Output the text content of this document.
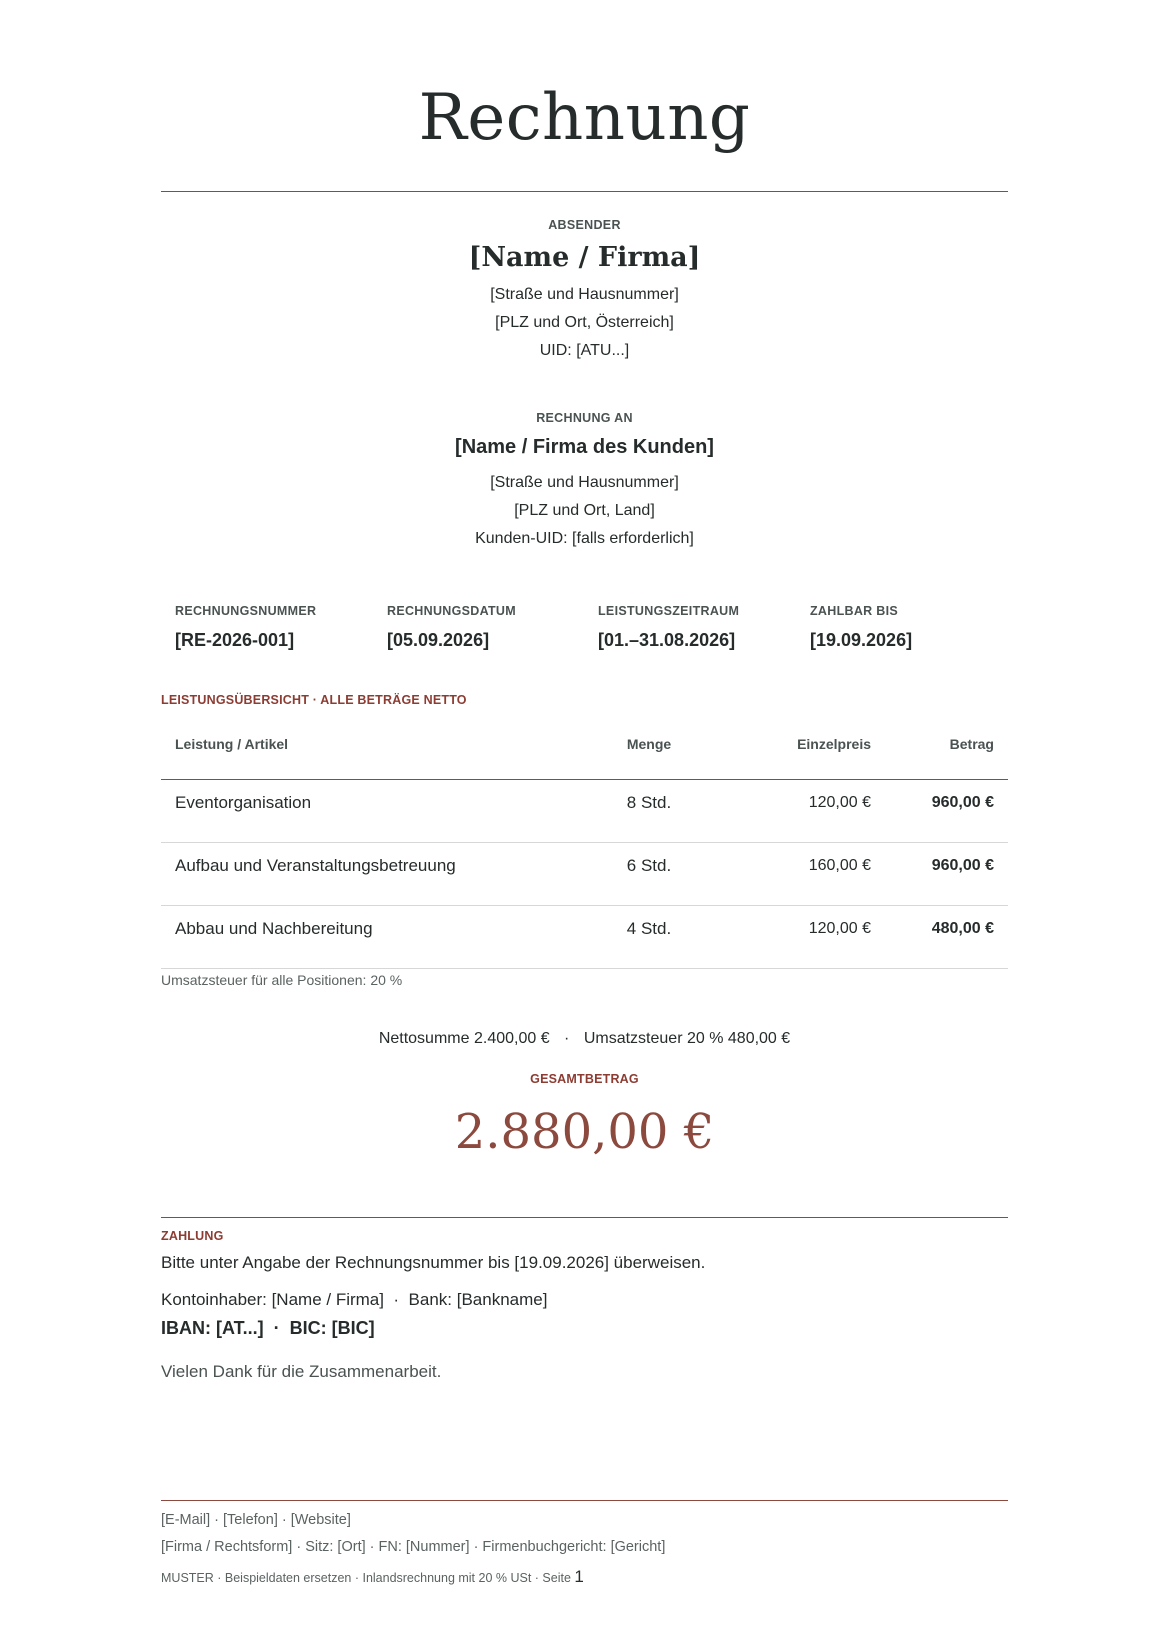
Rechnung
ABSENDER
[Name / Firma]
[Straße und Hausnummer]
[PLZ und Ort, Österreich]
UID: [ATU...]
RECHNUNG AN
[Name / Firma des Kunden]
[Straße und Hausnummer]
[PLZ und Ort, Land]
Kunden-UID: [falls erforderlich]
RECHNUNGSNUMMER
[RE-2026-001]
RECHNUNGSDATUM
[05.09.2026]
LEISTUNGSZEITRAUM
[01.–31.08.2026]
ZAHLBAR BIS
[19.09.2026]
LEISTUNGSÜBERSICHT · ALLE BETRÄGE NETTO
Leistung / Artikel	Menge	Einzelpreis	Betrag
Eventorganisation	8 Std.	120,00 €	960,00 €
Aufbau und Veranstaltungsbetreuung	6 Std.	160,00 €	960,00 €
Abbau und Nachbereitung	4 Std.	120,00 €	480,00 €
Umsatzsteuer für alle Positionen: 20 %
Nettosumme 2.400,00 € · Umsatzsteuer 20 % 480,00 €
GESAMTBETRAG
2.880,00 €
ZAHLUNG
Bitte unter Angabe der Rechnungsnummer bis [19.09.2026] überweisen.
Kontoinhaber: [Name / Firma]  ·  Bank: [Bankname]
IBAN: [AT...]  ·  BIC: [BIC]
Vielen Dank für die Zusammenarbeit.
[E-Mail] · [Telefon] · [Website]
[Firma / Rechtsform] · Sitz: [Ort] · FN: [Nummer] · Firmenbuchgericht: [Gericht]
MUSTER · Beispieldaten ersetzen · Inlandsrechnung mit 20 % USt · Seite 1
